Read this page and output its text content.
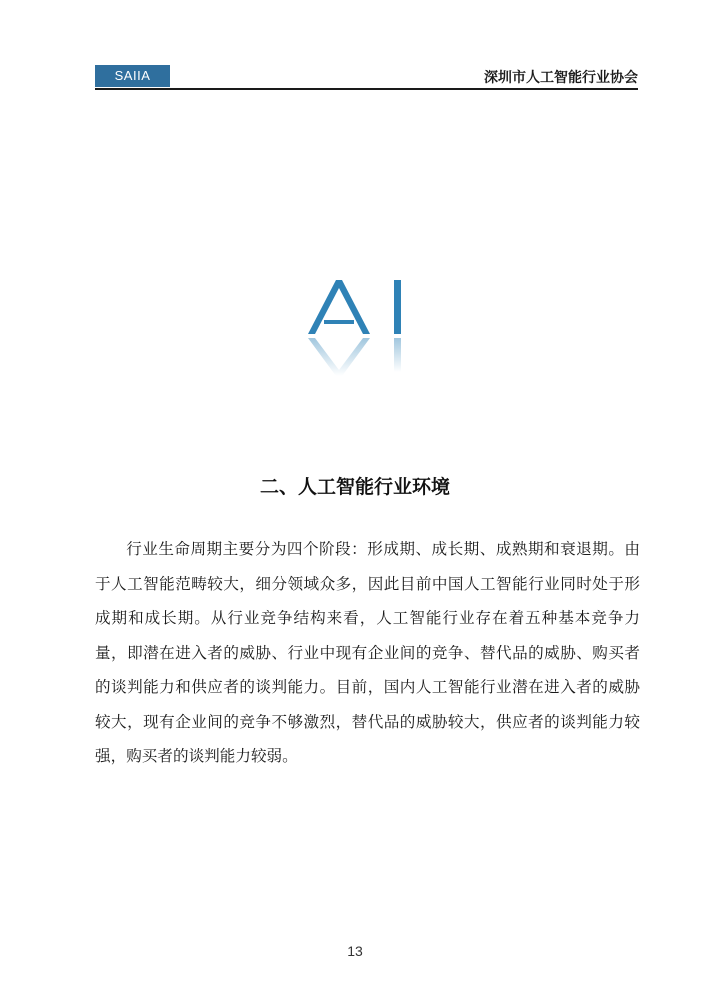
SAIIA	深圳市人工智能行业协会
二、人工智能行业环境

行业生命周期主要分为四个阶段：形成期、成长期、成熟期和衰退期。由于人工智能范畴较大，细分领域众多，因此目前中国人工智能行业同时处于形成期和成长期。从行业竞争结构来看，人工智能行业存在着五种基本竞争力量，即潜在进入者的威胁、行业中现有企业间的竞争、替代品的威胁、购买者的谈判能力和供应者的谈判能力。目前，国内人工智能行业潜在进入者的威胁较大，现有企业间的竞争不够激烈，替代品的威胁较大，供应者的谈判能力较强，购买者的谈判能力较弱。

13
